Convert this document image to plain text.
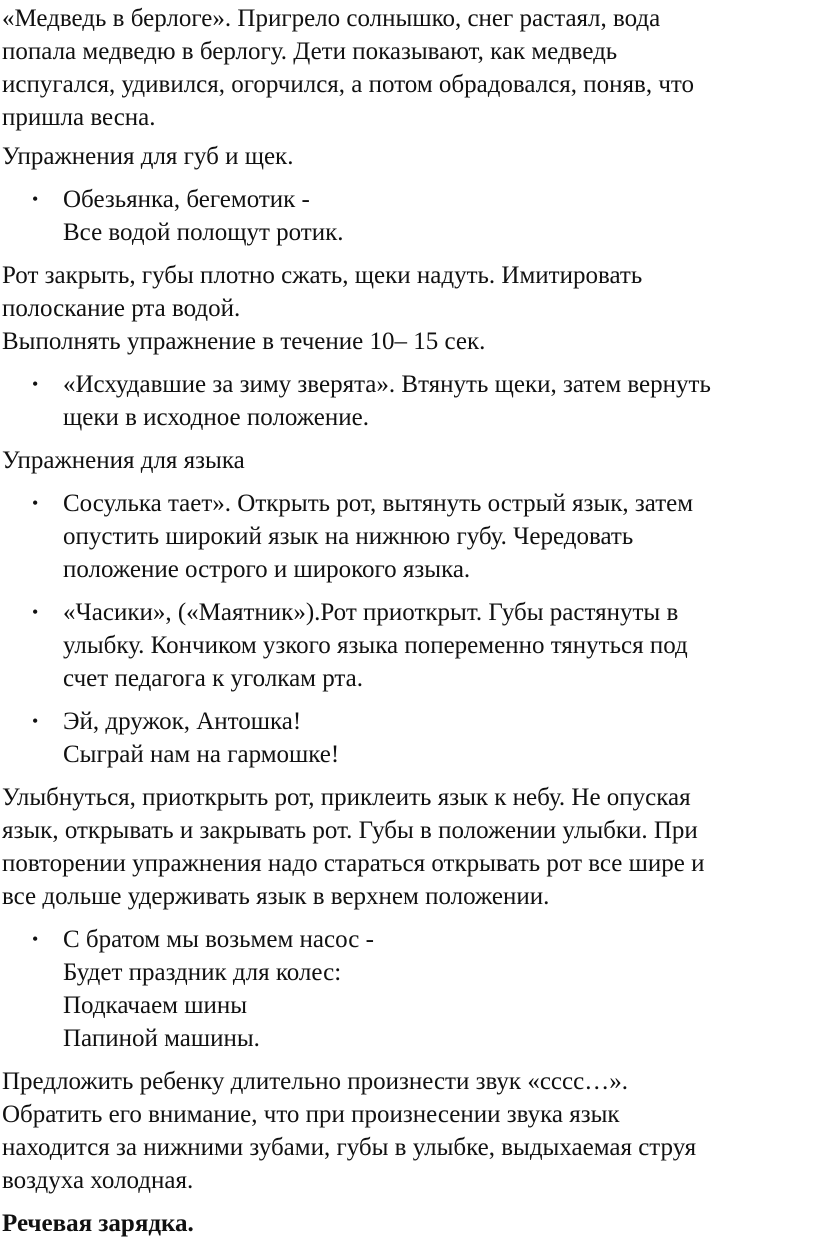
«Медведь в берлоге». Пригрело солнышко, снег растаял, вода
попала медведю в берлогу. Дети показывают, как медведь
испугался, удивился, огорчился, а потом обрадовался, поняв, что
пришла весна.

Упражнения для губ и щек.

• Обезьянка, бегемотик -
Все водой полощут ротик.

Рот закрыть, губы плотно сжать, щеки надуть. Имитировать
полоскание рта водой.
Выполнять упражнение в течение 10– 15 сек.

• «Исхудавшие за зиму зверята». Втянуть щеки, затем вернуть
щеки в исходное положение.

Упражнения для языка

• Сосулька тает». Открыть рот, вытянуть острый язык, затем
опустить широкий язык на нижнюю губу. Чередовать
положение острого и широкого языка.
• «Часики», («Маятник»).Рот приоткрыт. Губы растянуты в
улыбку. Кончиком узкого языка попеременно тянуться под
счет педагога к уголкам рта.
• Эй, дружок, Антошка!
Сыграй нам на гармошке!

Улыбнуться, приоткрыть рот, приклеить язык к небу. Не опуская
язык, открывать и закрывать рот. Губы в положении улыбки. При
повторении упражнения надо стараться открывать рот все шире и
все дольше удерживать язык в верхнем положении.

• С братом мы возьмем насос -
Будет праздник для колес:
Подкачаем шины
Папиной машины.

Предложить ребенку длительно произнести звук «сссс…».
Обратить его внимание, что при произнесении звука язык
находится за нижними зубами, губы в улыбке, выдыхаемая струя
воздуха холодная.

Речевая зарядка.
